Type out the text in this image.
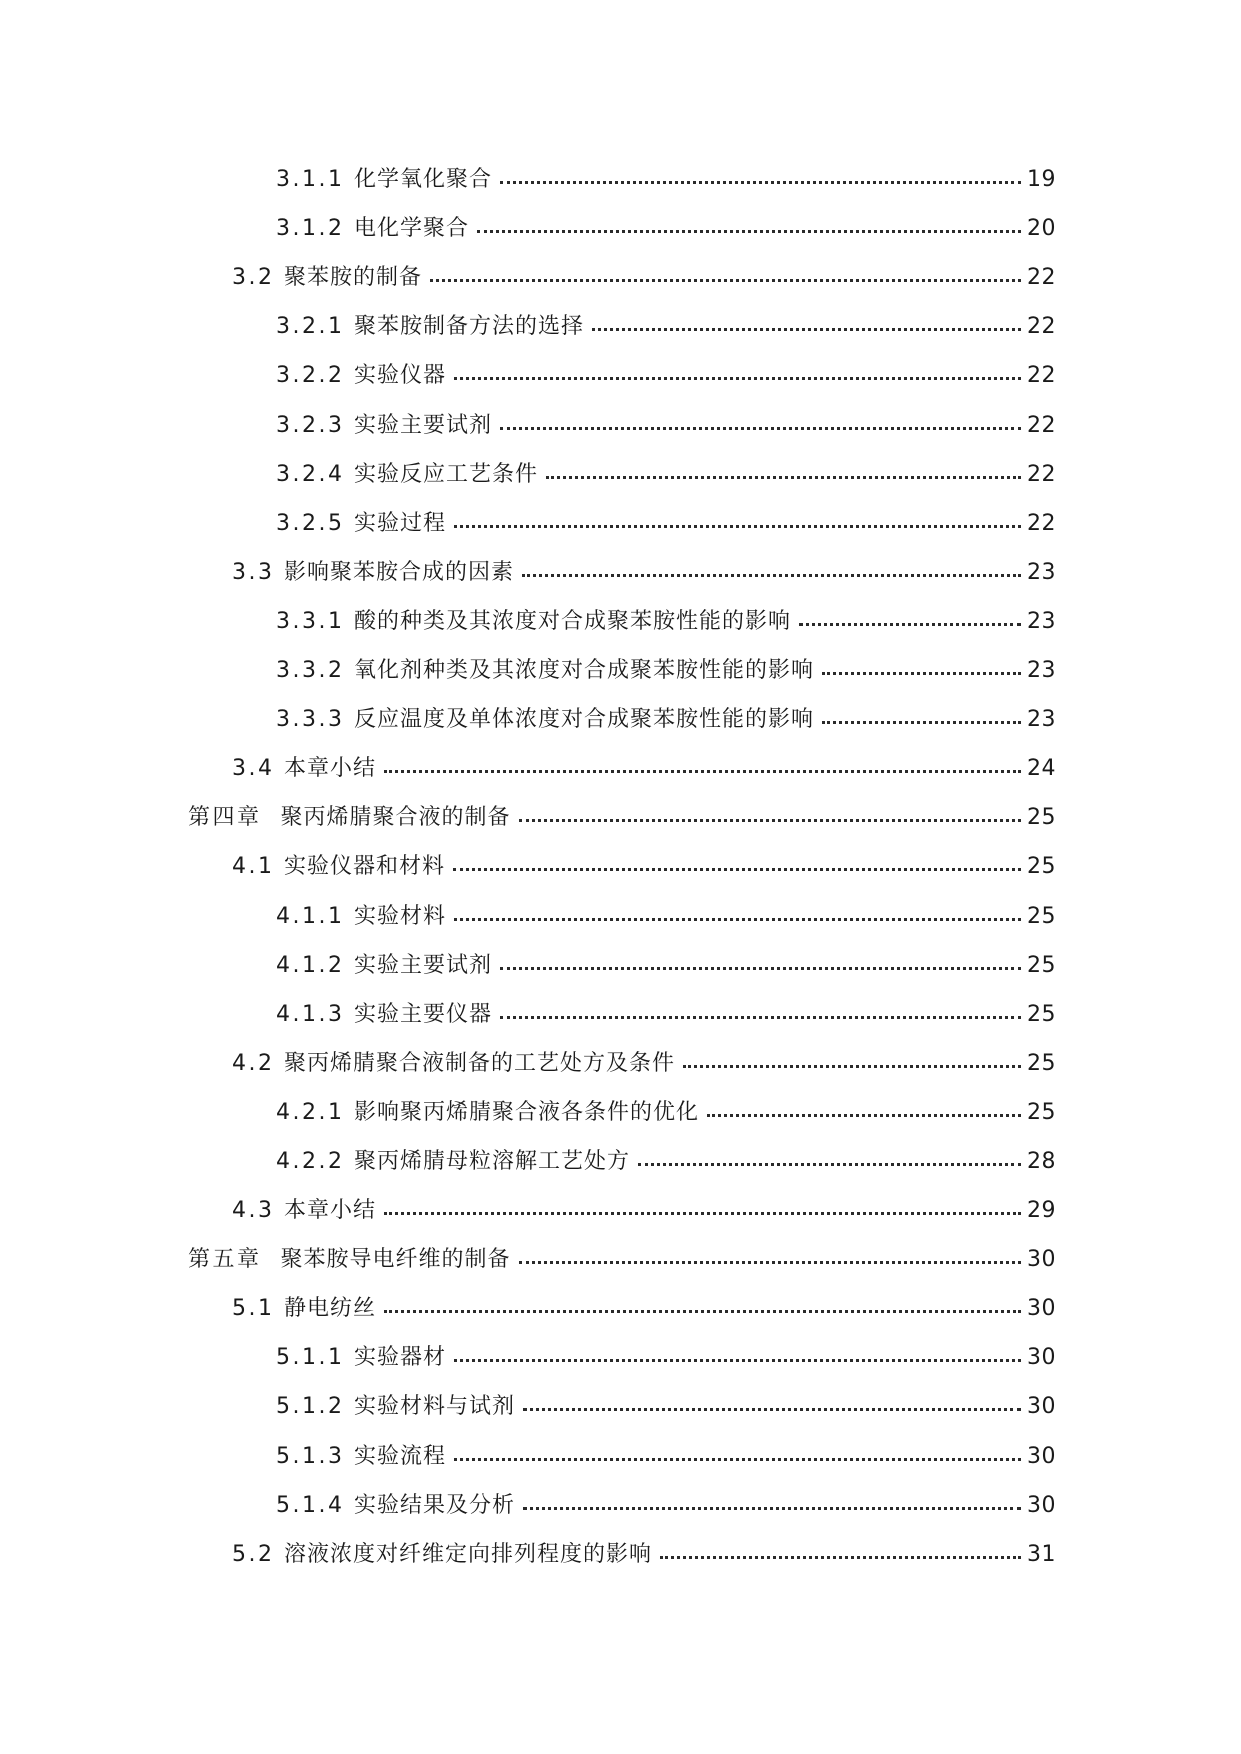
3.1.1 化学氧化聚合	19
3.1.2 电化学聚合	20
3.2 聚苯胺的制备	22
3.2.1 聚苯胺制备方法的选择	22
3.2.2 实验仪器	22
3.2.3 实验主要试剂	22
3.2.4 实验反应工艺条件	22
3.2.5 实验过程	22
3.3 影响聚苯胺合成的因素	23
3.3.1 酸的种类及其浓度对合成聚苯胺性能的影响	23
3.3.2 氧化剂种类及其浓度对合成聚苯胺性能的影响	23
3.3.3 反应温度及单体浓度对合成聚苯胺性能的影响	23
3.4 本章小结	24
第四章 聚丙烯腈聚合液的制备	25
4.1 实验仪器和材料	25
4.1.1 实验材料	25
4.1.2 实验主要试剂	25
4.1.3 实验主要仪器	25
4.2 聚丙烯腈聚合液制备的工艺处方及条件	25
4.2.1 影响聚丙烯腈聚合液各条件的优化	25
4.2.2 聚丙烯腈母粒溶解工艺处方	28
4.3 本章小结	29
第五章 聚苯胺导电纤维的制备	30
5.1 静电纺丝	30
5.1.1 实验器材	30
5.1.2 实验材料与试剂	30
5.1.3 实验流程	30
5.1.4 实验结果及分析	30
5.2 溶液浓度对纤维定向排列程度的影响	31
